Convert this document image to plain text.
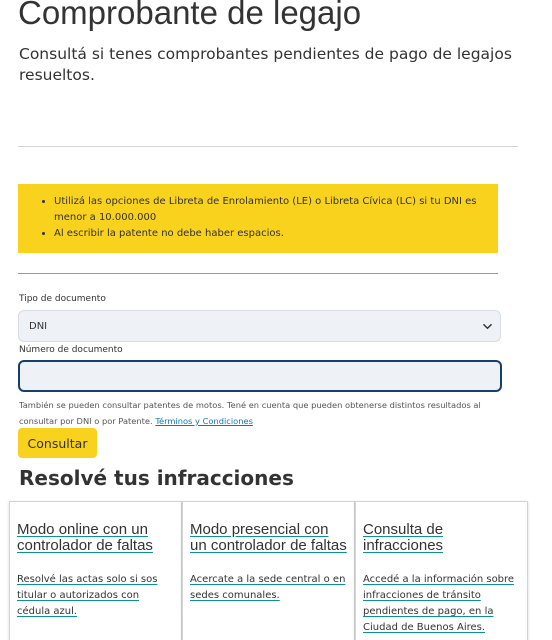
Comprobante de legajo

Consultá si tenes comprobantes pendientes de pago de legajos resueltos.

• Utilizá las opciones de Libreta de Enrolamiento (LE) o Libreta Cívica (LC) si tu DNI es menor a 10.000.000
• Al escribir la patente no debe haber espacios.
Tipo de documento
DNI
Número de documento

También se pueden consultar patentes de motos. Tené en cuenta que pueden obtenerse distintos resultados al consultar por DNI o por Patente. Términos y Condiciones

Consultar
Resolvé tus infracciones
Modo online con un controlador de faltas
Resolvé las actas solo si sos titular o autorizados con cédula azul.
Modo presencial con un controlador de faltas
Acercate a la sede central o en sedes comunales.
Consulta de infracciones
Accedé a la información sobre infracciones de tránsito pendientes de pago, en la Ciudad de Buenos Aires.
